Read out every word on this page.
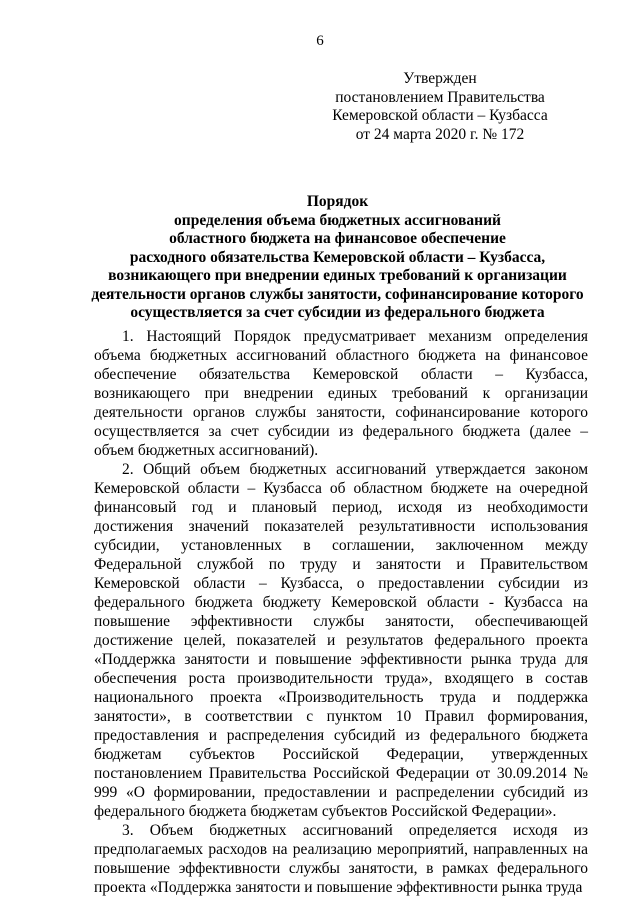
6
Утвержден
постановлением Правительства
Кемеровской области – Кузбасса
от 24 марта 2020 г. № 172
Порядок
определения объема бюджетных ассигнований
областного бюджета на финансовое обеспечение
расходного обязательства Кемеровской области – Кузбасса,
возникающего при внедрении единых требований к организации
деятельности органов службы занятости, софинансирование которого
осуществляется за счет субсидии из федерального бюджета

1. Настоящий Порядок предусматривает механизм определения объема бюджетных ассигнований областного бюджета на финансовое обеспечение обязательства Кемеровской области – Кузбасса, возникающего при внедрении единых требований к организации деятельности органов службы занятости, софинансирование которого осуществляется за счет субсидии из федерального бюджета (далее – объем бюджетных ассигнований).

2. Общий объем бюджетных ассигнований утверждается законом Кемеровской области – Кузбасса об областном бюджете на очередной финансовый год и плановый период, исходя из необходимости достижения значений показателей результативности использования субсидии, установленных в соглашении, заключенном между Федеральной службой по труду и занятости и Правительством Кемеровской области – Кузбасса, о предоставлении субсидии из федерального бюджета бюджету Кемеровской области - Кузбасса на повышение эффективности службы занятости, обеспечивающей достижение целей, показателей и результатов федерального проекта «Поддержка занятости и повышение эффективности рынка труда для обеспечения роста производительности труда», входящего в состав национального проекта «Производительность труда и поддержка занятости», в соответствии с пунктом 10 Правил формирования, предоставления и распределения субсидий из федерального бюджета бюджетам субъектов Российской Федерации, утвержденных постановлением Правительства Российской Федерации от 30.09.2014 № 999 «О формировании, предоставлении и распределении субсидий из федерального бюджета бюджетам субъектов Российской Федерации».

3. Объем бюджетных ассигнований определяется исходя из предполагаемых расходов на реализацию мероприятий, направленных на повышение эффективности службы занятости, в рамках федерального проекта «Поддержка занятости и повышение эффективности рынка труда
